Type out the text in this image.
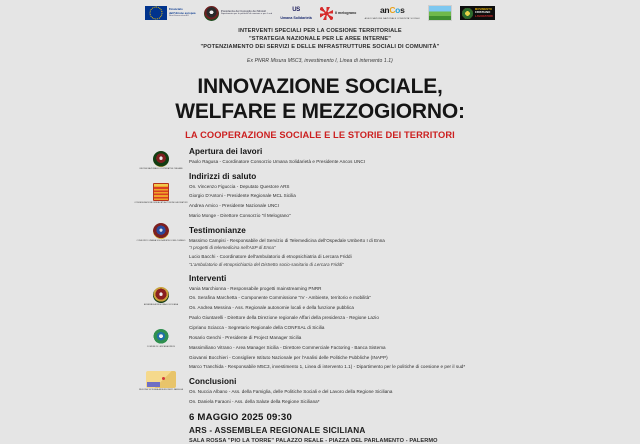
Finanziato
dall'Unione europea
NextGenerationEU
Presidenza del Consiglio dei Ministri
Dipartimento per le politiche di coesione e per il sud
US
Umana Solidarietà
Il melograno	anCos
ASSOCIAZIONE NAZIONALE COMUNITA' SOCIALI
MOVIMENTO
CRISTIANO
LAVORATORI
INTERVENTI SPECIALI PER LA COESIONE TERRITORIALE
"STRATEGIA NAZIONALE PER LE AREE INTERNE"
"POTENZIAMENTO DEI SERVIZI E DELLE INFRASTRUTTURE SOCIALI DI COMUNITÀ"
Ex PNRR Misura M5C3, investimento I, Linea di intervento 1.1)
INNOVAZIONE SOCIALE,
WELFARE E MEZZOGIORNO:
LA COOPERAZIONE SOCIALE E LE STORIE DEI TERRITORI
UNIONE NAZIONALE COOPERATIVE ITALIANE
CONFEDERAZIONE SINDACATI AUTONOMI LAVORATORI
CONSORZIO UMANA SOLIDARIETA' IL MELOGRANO
ASSEMBLEA REGIONALE SICILIANA
COMUNE DI LERCARA FRIDDI
REGIONE SICILIANA ASSESSORATO FAMIGLIA
Apertura dei lavori
Paolo Ragusa - Coordinatore Consorzio Umana Solidarietà e Presidente Ancos UNCI
Indirizzi di saluto
On. Vincenzo Figuccia - Deputato Questore ARS
Giorgio D'Antoni - Presidente Regionale MCL Sicilia
Andrea Amico - Presidente Nazionale UNCI
Mario Monge - Direttore Consorzio "Il Melograno"
Testimonianze
Massimo Campisi - Responsabile del Servizio di Telemedicina dell'Ospedale Umberto I di Enna
"I progetti di telemedicina nell'ASP di Enna"
Lucio Bacchi - Coordinatore dell'ambulatorio di etnopsichiatria di Lercara Friddi
"L'ambulatorio di etnopsichiatria del Distretto socio-sanitario di Lercara Friddi"
Interventi
Vania Marchionna - Responsabile progetti mainstreaming PNRR
On. Serafina Marchetta - Componente Commissione "IV - Ambiente, territorio e mobilità"
On. Andrea Messina - Ass. Regionale autonomie locali e della funzione pubblica
Paolo Giuntarelli - Direttore della Direzione regionale Affari della presidenza - Regione Lazio
Cipriano Sciacca - Segretario Regionale della CONFSAL di Sicilia
Rosario Genchi - Presidente di Project Manager Sicilia
Massimiliano Vitrano - Area Manager Sicilia - Direttore Commerciale Factoring - Banca Sistema
Giovanni Bocchieri - Consigliere Istituto Nazionale per l'Analisi delle Politiche Pubbliche (INAPP)
Marco Tranchida - Responsabile M5C3, investimento 1, Linea di intervento 1.1) - Dipartimento per le politiche di coesione e per il sud*
Conclusioni
On. Nuccia Albano - Ass. della Famiglia, delle Politiche Sociali e del Lavoro della Regione Siciliana
On. Daniela Faraoni - Ass. della Salute della Regione Siciliana*
6 MAGGIO 2025 09:30
ARS - ASSEMBLEA REGIONALE SICILIANA
SALA ROSSA "PIO LA TORRE" PALAZZO REALE - PIAZZA DEL PARLAMENTO - PALERMO
